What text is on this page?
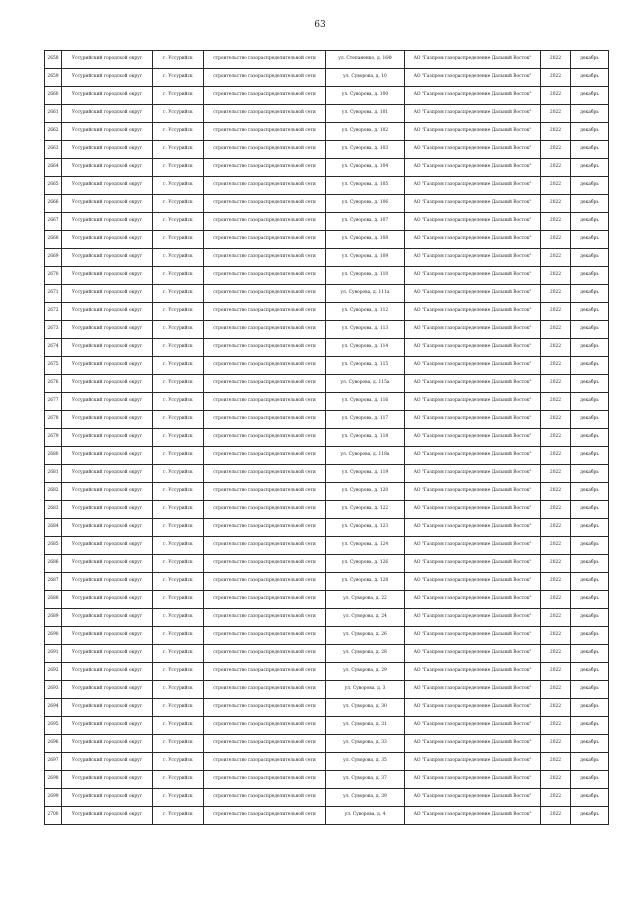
63
2658	Уссурийский городской округ	г. Уссурийск	строительство газораспределительной сети	ул. Степаненко, д. 16Ф	АО "Газпром газораспределение Дальний Восток"	2022	декабрь
2659	Уссурийский городской округ	г. Уссурийск	строительство газораспределительной сети	ул. Суворова, д. 10	АО "Газпром газораспределение Дальний Восток"	2022	декабрь
2660	Уссурийский городской округ	г. Уссурийск	строительство газораспределительной сети	ул. Суворова, д. 100	АО "Газпром газораспределение Дальний Восток"	2022	декабрь
2661	Уссурийский городской округ	г. Уссурийск	строительство газораспределительной сети	ул. Суворова, д. 101	АО "Газпром газораспределение Дальний Восток"	2022	декабрь
2662	Уссурийский городской округ	г. Уссурийск	строительство газораспределительной сети	ул. Суворова, д. 102	АО "Газпром газораспределение Дальний Восток"	2022	декабрь
2663	Уссурийский городской округ	г. Уссурийск	строительство газораспределительной сети	ул. Суворова, д. 103	АО "Газпром газораспределение Дальний Восток"	2022	декабрь
2664	Уссурийский городской округ	г. Уссурийск	строительство газораспределительной сети	ул. Суворова, д. 104	АО "Газпром газораспределение Дальний Восток"	2022	декабрь
2665	Уссурийский городской округ	г. Уссурийск	строительство газораспределительной сети	ул. Суворова, д. 105	АО "Газпром газораспределение Дальний Восток"	2022	декабрь
2666	Уссурийский городской округ	г. Уссурийск	строительство газораспределительной сети	ул. Суворова, д. 106	АО "Газпром газораспределение Дальний Восток"	2022	декабрь
2667	Уссурийский городской округ	г. Уссурийск	строительство газораспределительной сети	ул. Суворова, д. 107	АО "Газпром газораспределение Дальний Восток"	2022	декабрь
2668	Уссурийский городской округ	г. Уссурийск	строительство газораспределительной сети	ул. Суворова, д. 108	АО "Газпром газораспределение Дальний Восток"	2022	декабрь
2669	Уссурийский городской округ	г. Уссурийск	строительство газораспределительной сети	ул. Суворова, д. 109	АО "Газпром газораспределение Дальний Восток"	2022	декабрь
2670	Уссурийский городской округ	г. Уссурийск	строительство газораспределительной сети	ул. Суворова, д. 110	АО "Газпром газораспределение Дальний Восток"	2022	декабрь
2671	Уссурийский городской округ	г. Уссурийск	строительство газораспределительной сети	ул. Суворова, д. 111а	АО "Газпром газораспределение Дальний Восток"	2022	декабрь
2672	Уссурийский городской округ	г. Уссурийск	строительство газораспределительной сети	ул. Суворова, д. 112	АО "Газпром газораспределение Дальний Восток"	2022	декабрь
2673	Уссурийский городской округ	г. Уссурийск	строительство газораспределительной сети	ул. Суворова, д. 113	АО "Газпром газораспределение Дальний Восток"	2022	декабрь
2674	Уссурийский городской округ	г. Уссурийск	строительство газораспределительной сети	ул. Суворова, д. 114	АО "Газпром газораспределение Дальний Восток"	2022	декабрь
2675	Уссурийский городской округ	г. Уссурийск	строительство газораспределительной сети	ул. Суворова, д. 115	АО "Газпром газораспределение Дальний Восток"	2022	декабрь
2676	Уссурийский городской округ	г. Уссурийск	строительство газораспределительной сети	ул. Суворова, д. 115а	АО "Газпром газораспределение Дальний Восток"	2022	декабрь
2677	Уссурийский городской округ	г. Уссурийск	строительство газораспределительной сети	ул. Суворова, д. 116	АО "Газпром газораспределение Дальний Восток"	2022	декабрь
2678	Уссурийский городской округ	г. Уссурийск	строительство газораспределительной сети	ул. Суворова, д. 117	АО "Газпром газораспределение Дальний Восток"	2022	декабрь
2679	Уссурийский городской округ	г. Уссурийск	строительство газораспределительной сети	ул. Суворова, д. 118	АО "Газпром газораспределение Дальний Восток"	2022	декабрь
2680	Уссурийский городской округ	г. Уссурийск	строительство газораспределительной сети	ул. Суворова, д. 118а	АО "Газпром газораспределение Дальний Восток"	2022	декабрь
2681	Уссурийский городской округ	г. Уссурийск	строительство газораспределительной сети	ул. Суворова, д. 119	АО "Газпром газораспределение Дальний Восток"	2022	декабрь
2682	Уссурийский городской округ	г. Уссурийск	строительство газораспределительной сети	ул. Суворова, д. 120	АО "Газпром газораспределение Дальний Восток"	2022	декабрь
2683	Уссурийский городской округ	г. Уссурийск	строительство газораспределительной сети	ул. Суворова, д. 122	АО "Газпром газораспределение Дальний Восток"	2022	декабрь
2684	Уссурийский городской округ	г. Уссурийск	строительство газораспределительной сети	ул. Суворова, д. 123	АО "Газпром газораспределение Дальний Восток"	2022	декабрь
2685	Уссурийский городской округ	г. Уссурийск	строительство газораспределительной сети	ул. Суворова, д. 124	АО "Газпром газораспределение Дальний Восток"	2022	декабрь
2686	Уссурийский городской округ	г. Уссурийск	строительство газораспределительной сети	ул. Суворова, д. 126	АО "Газпром газораспределение Дальний Восток"	2022	декабрь
2687	Уссурийский городской округ	г. Уссурийск	строительство газораспределительной сети	ул. Суворова, д. 128	АО "Газпром газораспределение Дальний Восток"	2022	декабрь
2688	Уссурийский городской округ	г. Уссурийск	строительство газораспределительной сети	ул. Суворова, д. 22	АО "Газпром газораспределение Дальний Восток"	2022	декабрь
2689	Уссурийский городской округ	г. Уссурийск	строительство газораспределительной сети	ул. Суворова, д. 24	АО "Газпром газораспределение Дальний Восток"	2022	декабрь
2690	Уссурийский городской округ	г. Уссурийск	строительство газораспределительной сети	ул. Суворова, д. 26	АО "Газпром газораспределение Дальний Восток"	2022	декабрь
2691	Уссурийский городской округ	г. Уссурийск	строительство газораспределительной сети	ул. Суворова, д. 28	АО "Газпром газораспределение Дальний Восток"	2022	декабрь
2692	Уссурийский городской округ	г. Уссурийск	строительство газораспределительной сети	ул. Суворова, д. 29	АО "Газпром газораспределение Дальний Восток"	2022	декабрь
2693	Уссурийский городской округ	г. Уссурийск	строительство газораспределительной сети	ул. Суворова, д. 3	АО "Газпром газораспределение Дальний Восток"	2022	декабрь
2694	Уссурийский городской округ	г. Уссурийск	строительство газораспределительной сети	ул. Суворова, д. 30	АО "Газпром газораспределение Дальний Восток"	2022	декабрь
2695	Уссурийский городской округ	г. Уссурийск	строительство газораспределительной сети	ул. Суворова, д. 31	АО "Газпром газораспределение Дальний Восток"	2022	декабрь
2696	Уссурийский городской округ	г. Уссурийск	строительство газораспределительной сети	ул. Суворова, д. 33	АО "Газпром газораспределение Дальний Восток"	2022	декабрь
2697	Уссурийский городской округ	г. Уссурийск	строительство газораспределительной сети	ул. Суворова, д. 35	АО "Газпром газораспределение Дальний Восток"	2022	декабрь
2698	Уссурийский городской округ	г. Уссурийск	строительство газораспределительной сети	ул. Суворова, д. 37	АО "Газпром газораспределение Дальний Восток"	2022	декабрь
2699	Уссурийский городской округ	г. Уссурийск	строительство газораспределительной сети	ул. Суворова, д. 39	АО "Газпром газораспределение Дальний Восток"	2022	декабрь
2700	Уссурийский городской округ	г. Уссурийск	строительство газораспределительной сети	ул. Суворова, д. 4	АО "Газпром газораспределение Дальний Восток"	2022	декабрь
